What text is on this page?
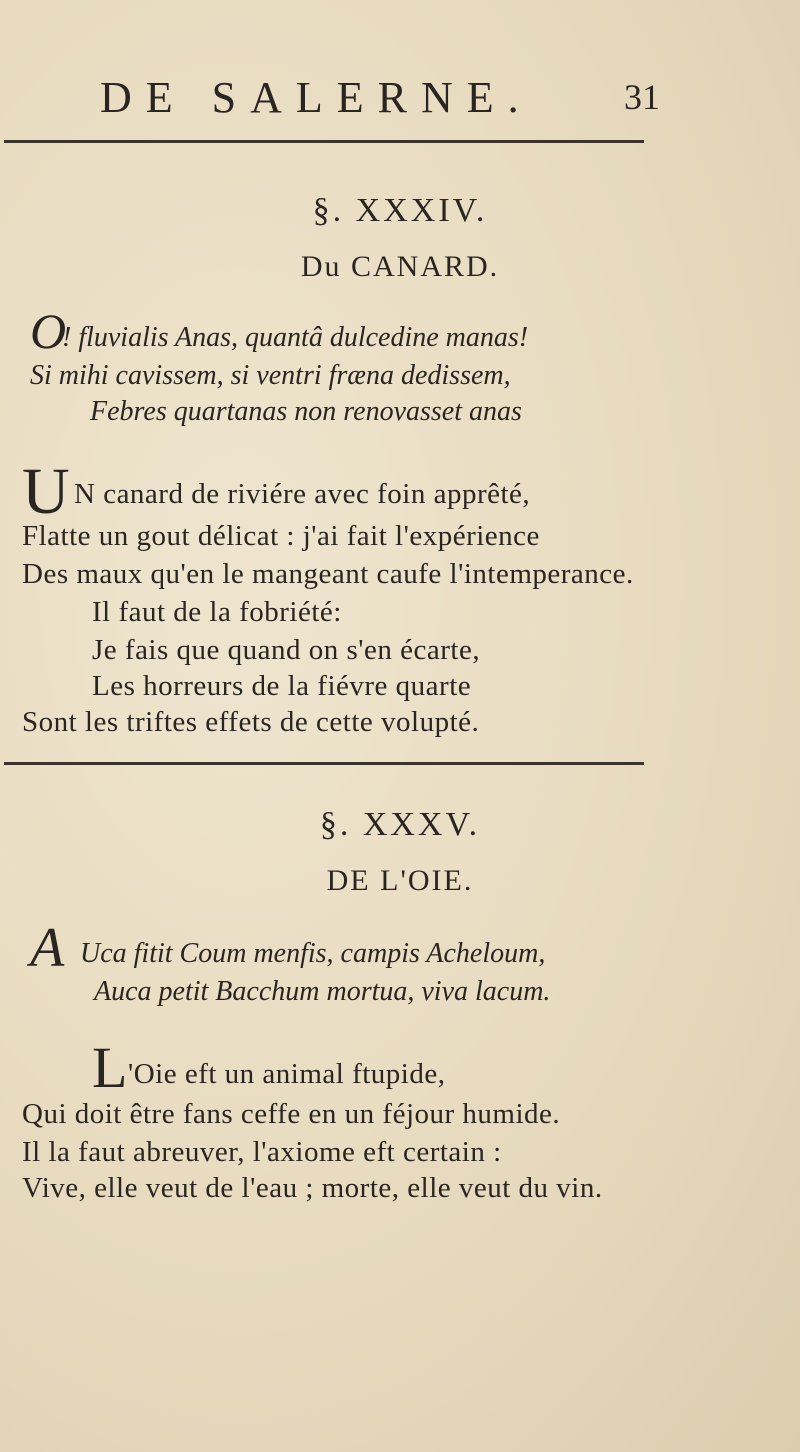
DE SALERNE.	31
§. XXXIV.
Du CANARD.
O
! fluvialis Anas, quantâ dulcedine manas!
Si mihi cavissem, si ventri fræna dedissem,
Febres quartanas non renovasset anas
U N canard de riviére avec foin apprêté,
Flatte un gout délicat : j'ai fait l'expérience
Des maux qu'en le mangeant caufe l'intemperance.
Il faut de la fobriété:
Je fais que quand on s'en écarte,
Les horreurs de la fiévre quarte
Sont les triftes effets de cette volupté.
§. XXXV.
DE L'OIE.
A Uca fitit Coum menfis, campis Acheloum,
Auca petit Bacchum mortua, viva lacum.
L 'Oie eft un animal ftupide,
Qui doit être fans ceffe en un féjour humide.
Il la faut abreuver, l'axiome eft certain :
Vive, elle veut de l'eau ; morte, elle veut du vin.
